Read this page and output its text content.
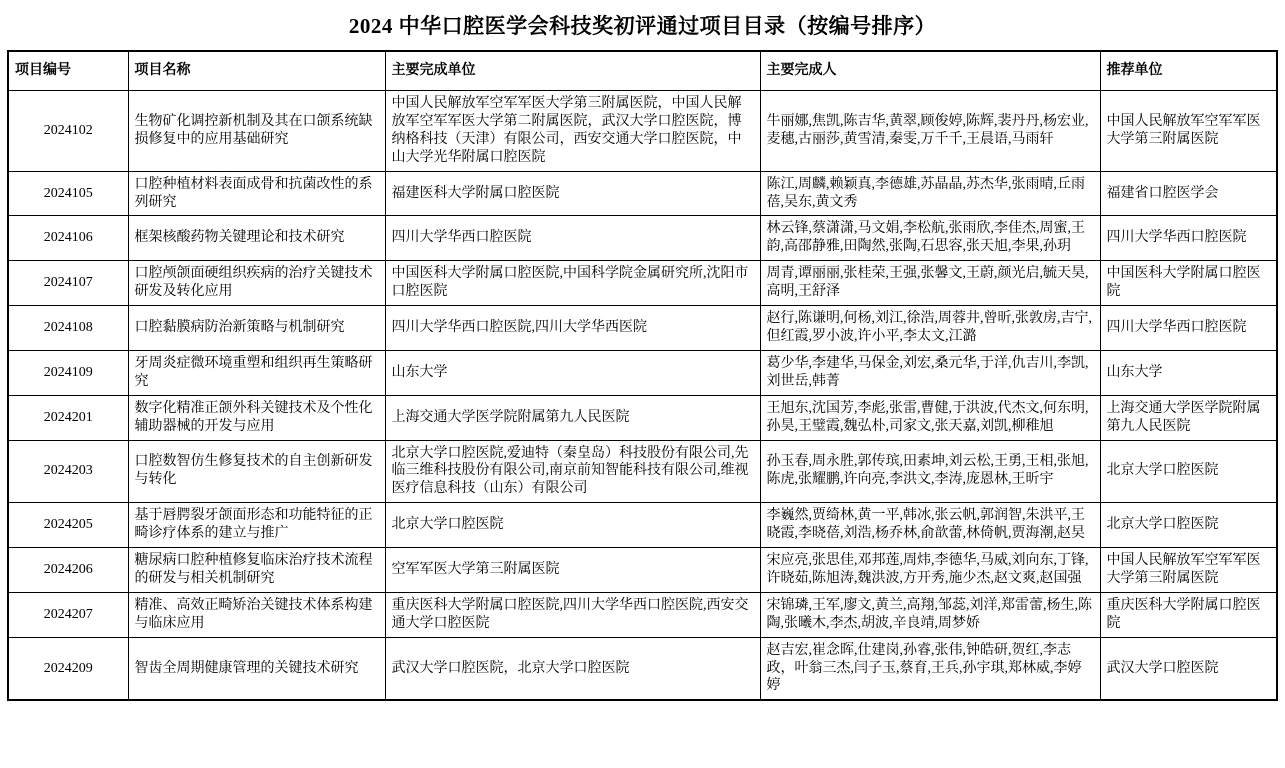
2024 中华口腔医学会科技奖初评通过项目目录（按编号排序）
项目编号	项目名称	主要完成单位	主要完成人	推荐单位
2024102	生物矿化调控新机制及其在口颌系统缺损修复中的应用基础研究	中国人民解放军空军军医大学第三附属医院，中国人民解放军空军军医大学第二附属医院，武汉大学口腔医院，博纳格科技（天津）有限公司，西安交通大学口腔医院，中山大学光华附属口腔医院	牛丽娜,焦凯,陈吉华,黄翠,顾俊婷,陈辉,裴丹丹,杨宏业,麦穗,古丽莎,黄雪清,秦雯,万千千,王晨语,马雨轩	中国人民解放军空军军医大学第三附属医院
2024105	口腔种植材料表面成骨和抗菌改性的系列研究	福建医科大学附属口腔医院	陈江,周麟,赖颖真,李德雄,苏晶晶,苏杰华,张雨晴,丘雨蓓,吴东,黄文秀	福建省口腔医学会
2024106	框架核酸药物关键理论和技术研究	四川大学华西口腔医院	林云锋,蔡潇潇,马文娟,李松航,张雨欣,李佳杰,周蜜,王韵,高邵静雅,田陶然,张陶,石思容,张天旭,李果,孙玥	四川大学华西口腔医院
2024107	口腔颅颌面硬组织疾病的治疗关键技术研发及转化应用	中国医科大学附属口腔医院,中国科学院金属研究所,沈阳市口腔医院	周青,谭丽丽,张桂荣,王强,张馨文,王蔚,颜光启,毓天昊,高明,王舒泽	中国医科大学附属口腔医院
2024108	口腔黏膜病防治新策略与机制研究	四川大学华西口腔医院,四川大学华西医院	赵行,陈谦明,何杨,刘江,徐浩,周蓉井,曾昕,张敦房,吉宁,但红霞,罗小波,许小平,李太文,江潞	四川大学华西口腔医院
2024109	牙周炎症微环境重塑和组织再生策略研究	山东大学	葛少华,李建华,马保金,刘宏,桑元华,于洋,仇吉川,李凯,刘世岳,韩菁	山东大学
2024201	数字化精准正颌外科关键技术及个性化辅助器械的开发与应用	上海交通大学医学院附属第九人民医院	王旭东,沈国芳,李彪,张雷,曹健,于洪波,代杰文,何东明,孙昊,王璧霞,魏弘朴,司家文,张天嘉,刘凯,柳稚旭	上海交通大学医学院附属第九人民医院
2024203	口腔数智仿生修复技术的自主创新研发与转化	北京大学口腔医院,爱迪特（秦皇岛）科技股份有限公司,先临三维科技股份有限公司,南京前知智能科技有限公司,维视医疗信息科技（山东）有限公司	孙玉春,周永胜,郭传瑸,田素坤,刘云松,王勇,王相,张旭,陈虎,张耀鹏,许向亮,李洪文,李涛,庞恩林,王昕宇	北京大学口腔医院
2024205	基于唇腭裂牙颌面形态和功能特征的正畸诊疗体系的建立与推广	北京大学口腔医院	李巍然,贾绮林,黄一平,韩冰,张云帆,郭润智,朱洪平,王晓霞,李晓蓓,刘浩,杨乔林,俞歆蕾,林倚帆,贾海潮,赵旲	北京大学口腔医院
2024206	糖尿病口腔种植修复临床治疗技术流程的研发与相关机制研究	空军军医大学第三附属医院	宋应亮,张思佳,邓邦莲,周炜,李德华,马威,刘向东,丁锋,许晓茹,陈旭涛,魏洪波,方开秀,施少杰,赵文爽,赵国强	中国人民解放军空军军医大学第三附属医院
2024207	精准、高效正畸矫治关键技术体系构建与临床应用	重庆医科大学附属口腔医院,四川大学华西口腔医院,西安交通大学口腔医院	宋锦璘,王军,廖文,黄兰,高翔,邹蕊,刘洋,郑雷蕾,杨生,陈陶,张曦木,李杰,胡波,辛良靖,周梦娇	重庆医科大学附属口腔医院
2024209	智齿全周期健康管理的关键技术研究	武汉大学口腔医院，北京大学口腔医院	赵吉宏,崔念晖,仕建岗,孙睿,张伟,钟皓研,贺红,李志政，叶翁三杰,闫子玉,蔡育,王兵,孙宇琪,郑林威,李婷婷	武汉大学口腔医院
